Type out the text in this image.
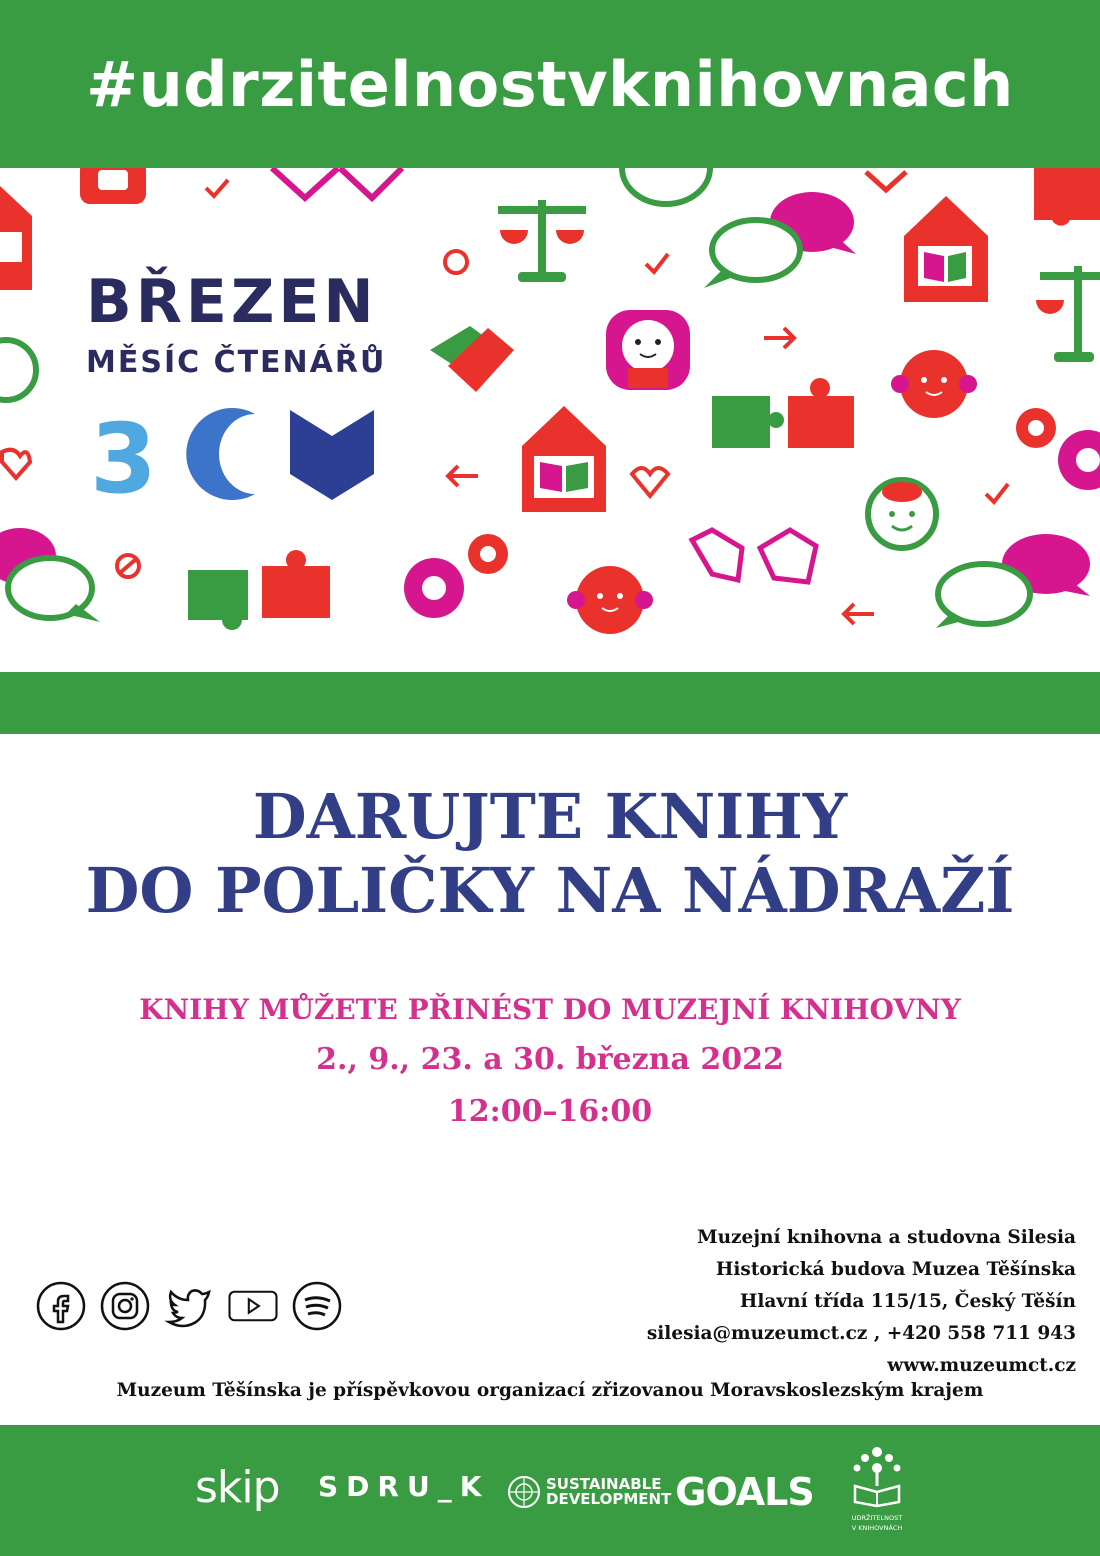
#udrzitelnostvknihovnach
BŘEZEN
MĚSÍC ČTENÁŘŮ
3
DARUJTE KNIHY
DO POLIČKY NA NÁDRAŽÍ
KNIHY MŮŽETE PŘINÉST DO MUZEJNÍ KNIHOVNY
2., 9., 23. a 30. března 2022
12:00–16:00
Muzejní knihovna a studovna Silesia
Historická budova Muzea Těšínska
Hlavní třída 115/15, Český Těšín
silesia@muzeumct.cz , +420 558 711 943
www.muzeumct.cz
Muzeum Těšínska je příspěvkovou organizací zřizovanou Moravskoslezským krajem
skip SDRU_K	SUSTAINABLE
DEVELOPMENT GOALS
UDRŽITELNOST
V KNIHOVNÁCH
